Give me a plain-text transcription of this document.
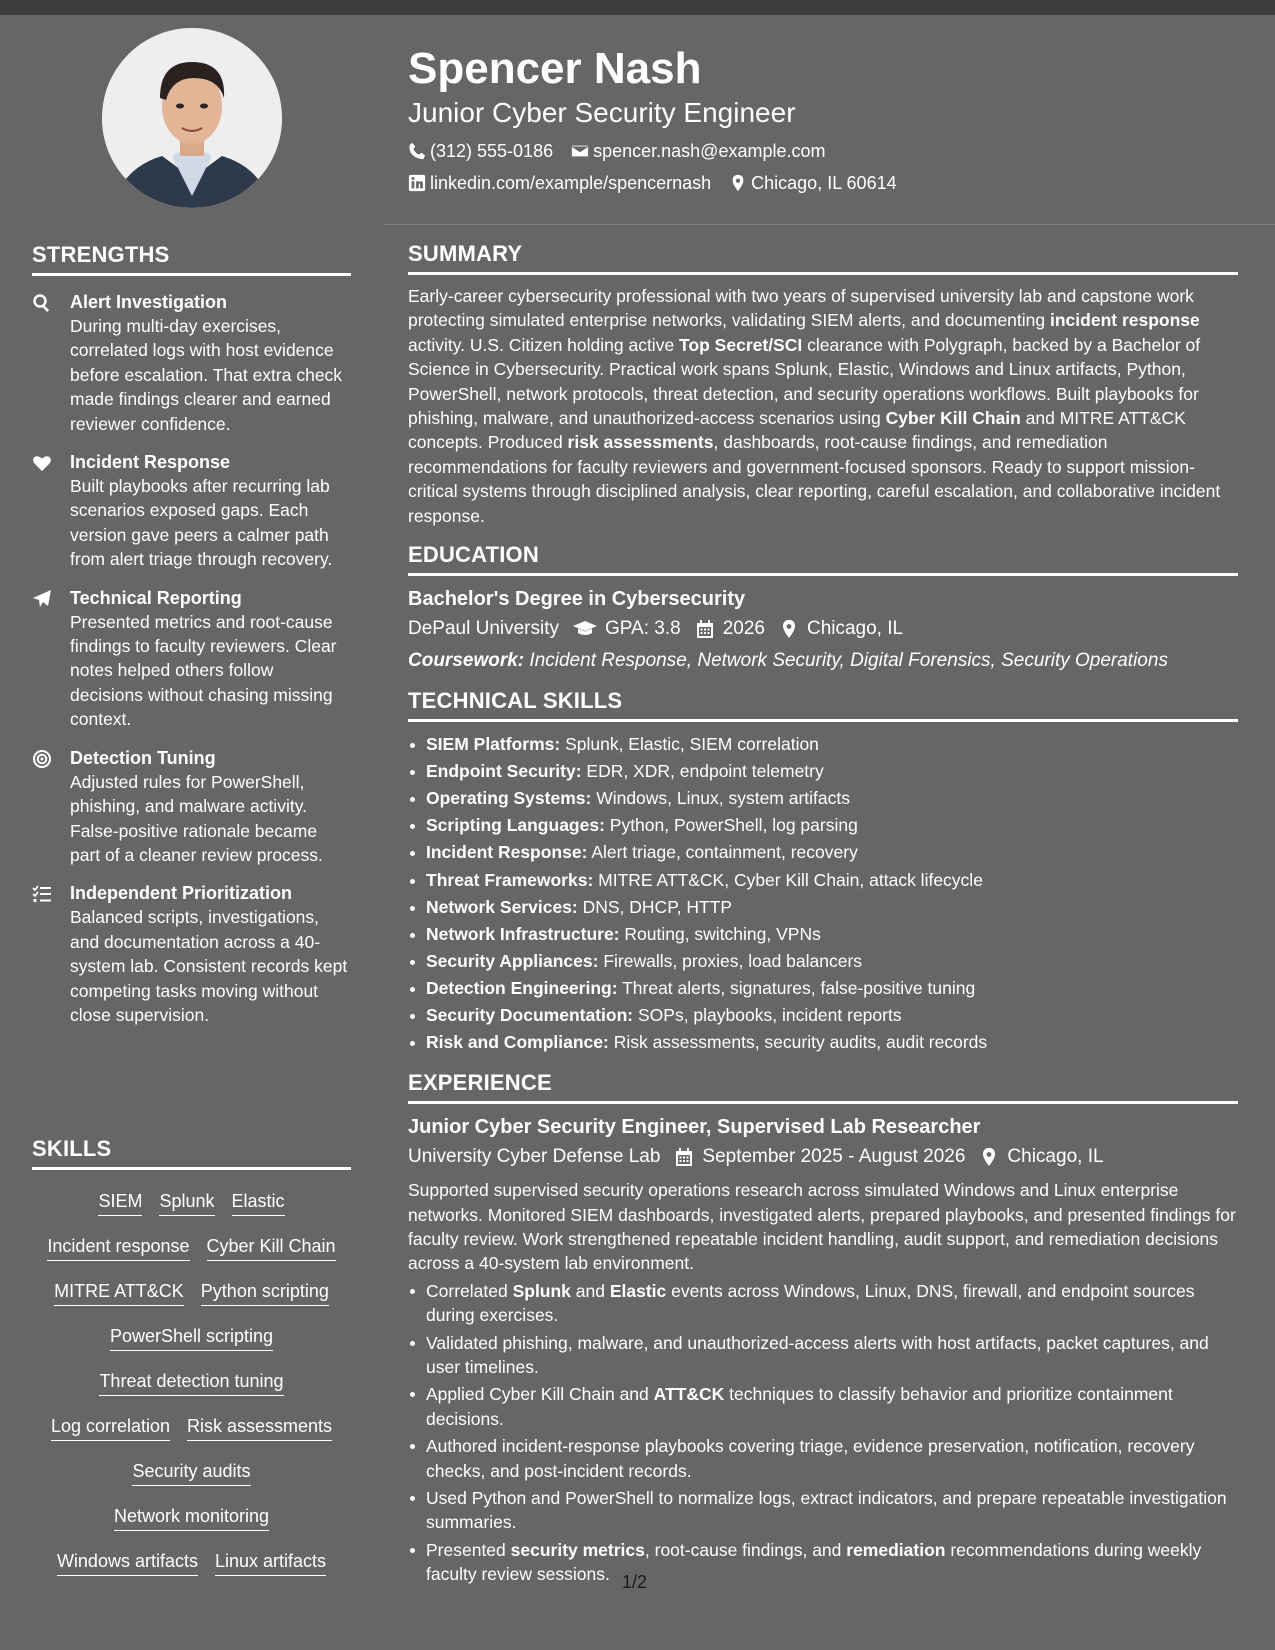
STRENGTHS
Alert Investigation
During multi-day exercises, correlated logs with host evidence before escalation. That extra check made findings clearer and earned reviewer confidence.
Incident Response
Built playbooks after recurring lab scenarios exposed gaps. Each version gave peers a calmer path from alert triage through recovery.
Technical Reporting
Presented metrics and root-cause findings to faculty reviewers. Clear notes helped others follow decisions without chasing missing context.
Detection Tuning
Adjusted rules for PowerShell, phishing, and malware activity. False-positive rationale became part of a cleaner review process.
Independent Prioritization
Balanced scripts, investigations, and documentation across a 40-system lab. Consistent records kept competing tasks moving without close supervision.
SKILLS
SIEM Splunk Elastic
Incident response Cyber Kill Chain
MITRE ATT&CK Python scripting
PowerShell scripting
Threat detection tuning
Log correlation Risk assessments
Security audits
Network monitoring
Windows artifacts Linux artifacts
Spencer Nash
Junior Cyber Security Engineer
(312) 555-0186 spencer.nash@example.com
linkedin.com/example/spencernash Chicago, IL 60614
SUMMARY
Early-career cybersecurity professional with two years of supervised university lab and capstone work protecting simulated enterprise networks, validating SIEM alerts, and documenting incident response activity. U.S. Citizen holding active Top Secret/SCI clearance with Polygraph, backed by a Bachelor of Science in Cybersecurity. Practical work spans Splunk, Elastic, Windows and Linux artifacts, Python, PowerShell, network protocols, threat detection, and security operations workflows. Built playbooks for phishing, malware, and unauthorized-access scenarios using Cyber Kill Chain and MITRE ATT&CK concepts. Produced risk assessments, dashboards, root-cause findings, and remediation recommendations for faculty reviewers and government-focused sponsors. Ready to support mission-critical systems through disciplined analysis, clear reporting, careful escalation, and collaborative incident response.
EDUCATION
Bachelor's Degree in Cybersecurity
DePaul University GPA: 3.8 2026 Chicago, IL
Coursework: Incident Response, Network Security, Digital Forensics, Security Operations
TECHNICAL SKILLS
SIEM Platforms: Splunk, Elastic, SIEM correlation
Endpoint Security: EDR, XDR, endpoint telemetry
Operating Systems: Windows, Linux, system artifacts
Scripting Languages: Python, PowerShell, log parsing
Incident Response: Alert triage, containment, recovery
Threat Frameworks: MITRE ATT&CK, Cyber Kill Chain, attack lifecycle
Network Services: DNS, DHCP, HTTP
Network Infrastructure: Routing, switching, VPNs
Security Appliances: Firewalls, proxies, load balancers
Detection Engineering: Threat alerts, signatures, false-positive tuning
Security Documentation: SOPs, playbooks, incident reports
Risk and Compliance: Risk assessments, security audits, audit records
EXPERIENCE
Junior Cyber Security Engineer, Supervised Lab Researcher
University Cyber Defense Lab September 2025 - August 2026 Chicago, IL
Supported supervised security operations research across simulated Windows and Linux enterprise networks. Monitored SIEM dashboards, investigated alerts, prepared playbooks, and presented findings for faculty review. Work strengthened repeatable incident handling, audit support, and remediation decisions across a 40-system lab environment.
Correlated Splunk and Elastic events across Windows, Linux, DNS, firewall, and endpoint sources during exercises.
Validated phishing, malware, and unauthorized-access alerts with host artifacts, packet captures, and user timelines.
Applied Cyber Kill Chain and ATT&CK techniques to classify behavior and prioritize containment decisions.
Authored incident-response playbooks covering triage, evidence preservation, notification, recovery checks, and post-incident records.
Used Python and PowerShell to normalize logs, extract indicators, and prepare repeatable investigation summaries.
Presented security metrics, root-cause findings, and remediation recommendations during weekly faculty review sessions. 1/2
